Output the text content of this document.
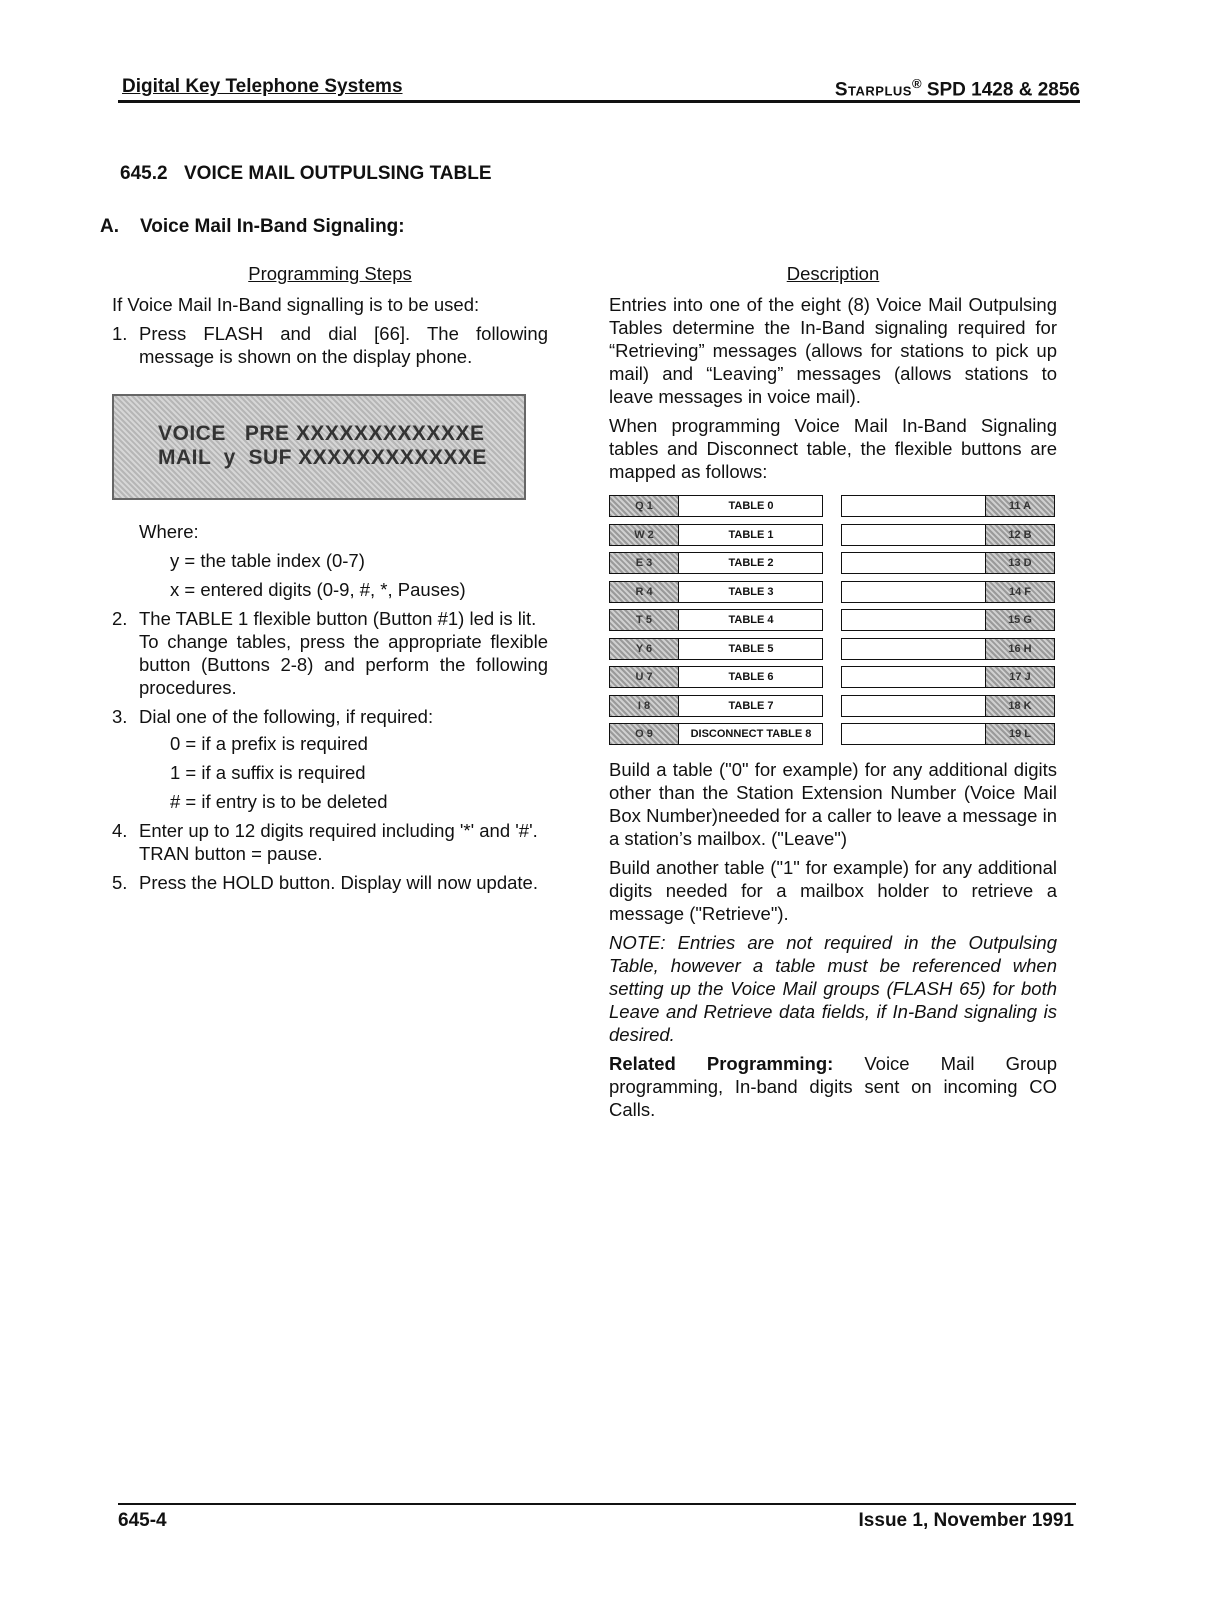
Digital Key Telephone Systems	Starplus® SPD 1428 & 2856
645.2 VOICE MAIL OUTPULSING TABLE
A. Voice Mail In-Band Signaling:
Programming Steps

If Voice Mail In-Band signalling is to be used:

1. Press FLASH and dial [66]. The following message is shown on the display phone.
VOICE   PRE XXXXXXXXXXXXE
MAIL  y  SUF XXXXXXXXXXXXE
Where:
y = the table index (0-7)
x = entered digits (0-9, #, *, Pauses)
2. The TABLE 1 flexible button (Button #1) led is lit.
To change tables, press the appropriate flexible button (Buttons 2-8) and perform the following procedures.
3. Dial one of the following, if required:
0 = if a prefix is required
1 = if a suffix is required
# = if entry is to be deleted
4. Enter up to 12 digits required including '*' and '#'. TRAN button = pause.
5. Press the HOLD button. Display will now update.
Description

Entries into one of the eight (8) Voice Mail Outpulsing Tables determine the In-Band signaling required for “Retrieving” messages (allows for stations to pick up mail) and “Leaving” messages (allows stations to leave messages in voice mail).

When programming Voice Mail In-Band Signaling tables and Disconnect table, the flexible buttons are mapped as follows:

Q 1	TABLE 0	11 A
W 2	TABLE 1	12 B
E 3	TABLE 2	13 D
R 4	TABLE 3	14 F
T 5	TABLE 4	15 G
Y 6	TABLE 5	16 H
U 7	TABLE 6	17 J
I 8	TABLE 7	18 K
O 9	DISCONNECT TABLE 8	19 L

Build a table ("0" for example) for any additional digits other than the Station Extension Number (Voice Mail Box Number)needed for a caller to leave a message in a station’s mailbox. ("Leave")

Build another table ("1" for example) for any additional digits needed for a mailbox holder to retrieve a message ("Retrieve").

NOTE: Entries are not required in the Outpulsing Table, however a table must be referenced when setting up the Voice Mail groups (FLASH 65) for both Leave and Retrieve data fields, if In-Band signaling is desired.

Related Programming: Voice Mail Group programming, In-band digits sent on incoming CO Calls.

645-4	Issue 1, November 1991
